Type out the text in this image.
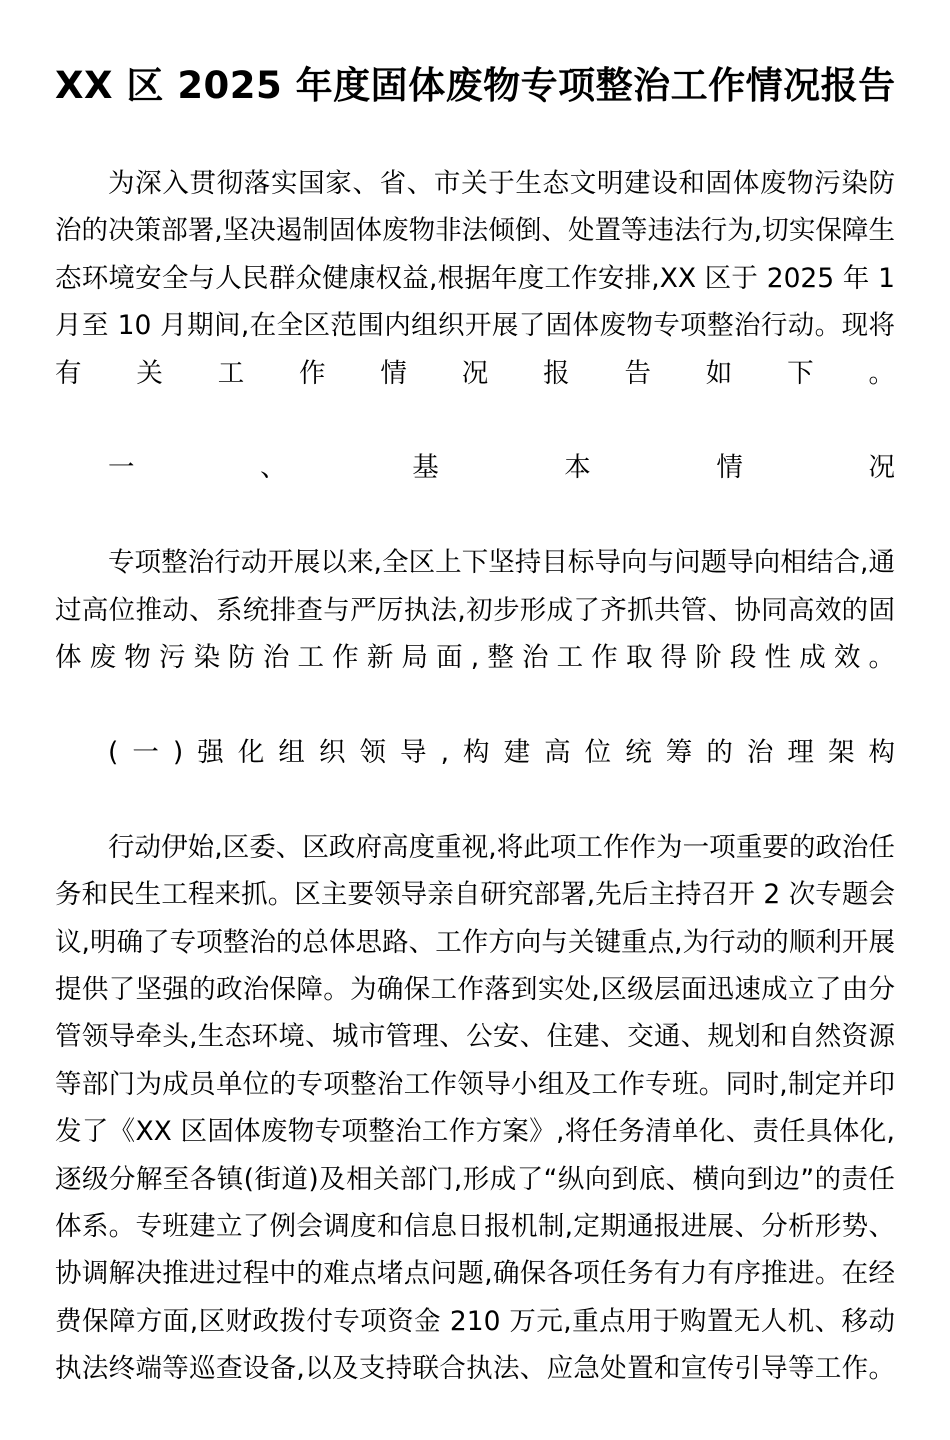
XX 区 2025 年度固体废物专项整治工作情况报告

为深入贯彻落实国家、省、市关于生态文明建设和固体废物污染防治的决策部署,坚决遏制固体废物非法倾倒、处置等违法行为,切实保障生态环境安全与人民群众健康权益,根据年度工作安排,XX 区于 2025 年 1 月至 10 月期间,在全区范围内组织开展了固体废物专项整治行动。现将有关工作情况报告如下。

一、基本情况

专项整治行动开展以来,全区上下坚持目标导向与问题导向相结合,通过高位推动、系统排查与严厉执法,初步形成了齐抓共管、协同高效的固体废物污染防治工作新局面,整治工作取得阶段性成效。

(一)强化组织领导,构建高位统筹的治理架构

行动伊始,区委、区政府高度重视,将此项工作作为一项重要的政治任务和民生工程来抓。区主要领导亲自研究部署,先后主持召开 2 次专题会议,明确了专项整治的总体思路、工作方向与关键重点,为行动的顺利开展提供了坚强的政治保障。为确保工作落到实处,区级层面迅速成立了由分管领导牵头,生态环境、城市管理、公安、住建、交通、规划和自然资源等部门为成员单位的专项整治工作领导小组及工作专班。同时,制定并印发了《XX 区固体废物专项整治工作方案》,将任务清单化、责任具体化,逐级分解至各镇(街道)及相关部门,形成了“纵向到底、横向到边”的责任体系。专班建立了例会调度和信息日报机制,定期通报进展、分析形势、协调解决推进过程中的难点堵点问题,确保各项任务有力有序推进。在经费保障方面,区财政拨付专项资金 210 万元,重点用于购置无人机、移动执法终端等巡查设备,以及支持联合执法、应急处置和宣传引导等工作。
